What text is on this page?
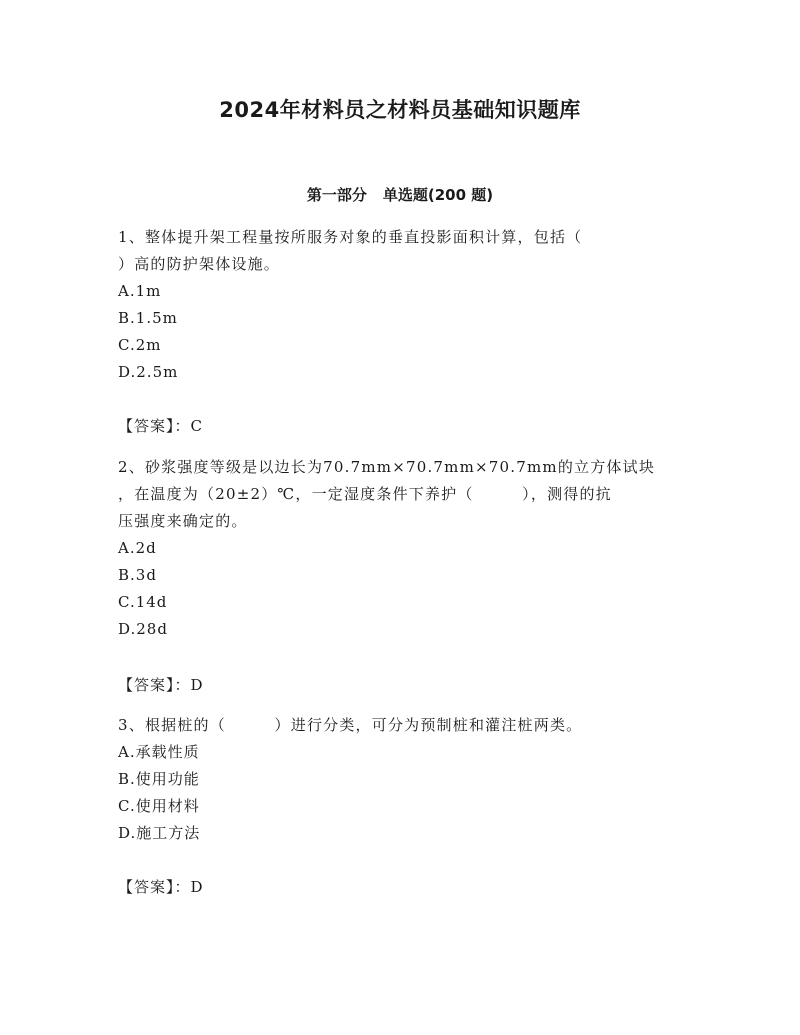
2024年材料员之材料员基础知识题库
第一部分 单选题(200 题)

1、整体提升架工程量按所服务对象的垂直投影面积计算，包括（
）高的防护架体设施。

A.1m
B.1.5m
C.2m
D.2.5m
【答案】：C

2、砂浆强度等级是以边长为70.7mm×70.7mm×70.7mm的立方体试块
，在温度为（20±2）℃，一定湿度条件下养护（　　　），测得的抗
压强度来确定的。

A.2d
B.3d
C.14d
D.28d
【答案】：D

3、根据桩的（　　　）进行分类，可分为预制桩和灌注桩两类。

A.承载性质
B.使用功能
C.使用材料
D.施工方法
【答案】：D
